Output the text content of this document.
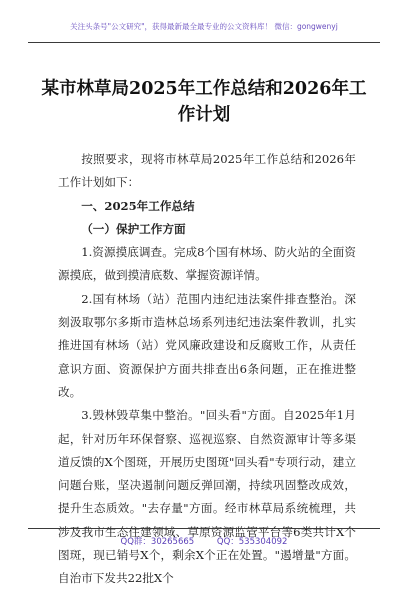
关注头条号"公文研究"，获得最新最全最专业的公文资料库！ 微信：gongwenyj
某市林草局2025年工作总结和2026年工作计划

按照要求，现将市林草局2025年工作总结和2026年工作计划如下：

一、2025年工作总结

（一）保护工作方面

1.资源摸底调查。完成8个国有林场、防火站的全面资源摸底，做到摸清底数、掌握资源详情。

2.国有林场（站）范围内违纪违法案件排查整治。深刻汲取鄂尔多斯市造林总场系列违纪违法案件教训，扎实推进国有林场（站）党风廉政建设和反腐败工作，从责任意识方面、资源保护方面共排查出6条问题，正在推进整改。

3.毁林毁草集中整治。"回头看"方面。自2025年1月起，针对历年环保督察、巡视巡察、自然资源审计等多渠道反馈的X个图斑，开展历史图斑"回头看"专项行动，建立问题台账，坚决遏制问题反弹回潮，持续巩固整改成效，提升生态质效。"去存量"方面。经市林草局系统梳理，共涉及我市生态住建领域、草原资源监管平台等6类共计X个图斑，现已销号X个，剩余X个正在处置。"遏增量"方面。自治市下发共22批X个

QQ群：30265665	QQ：535304092
